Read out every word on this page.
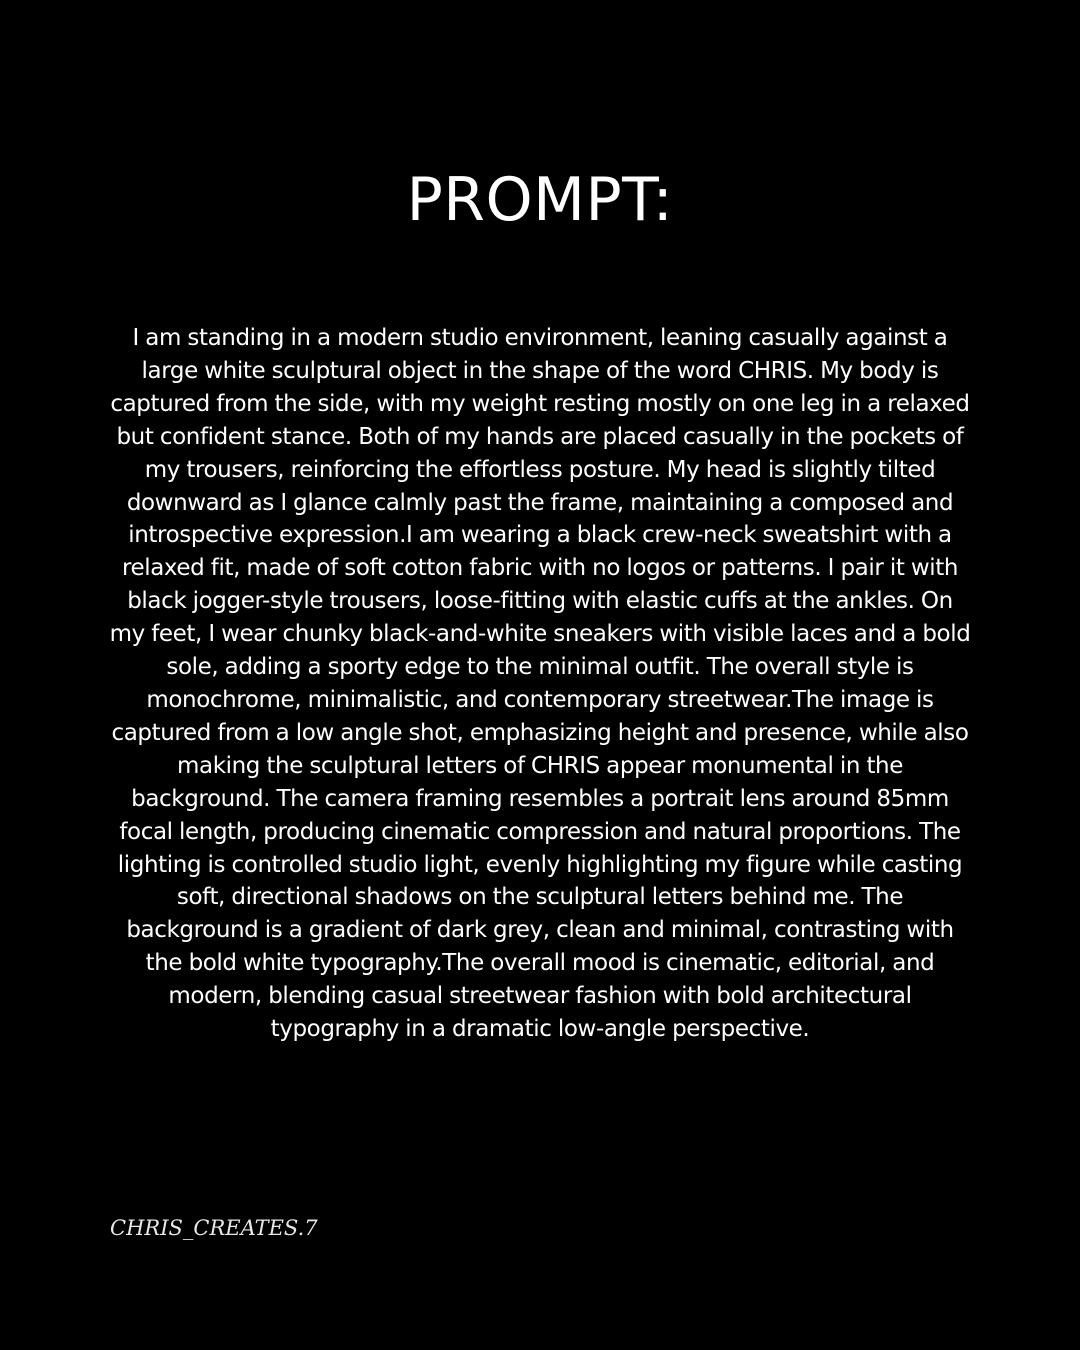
PROMPT:

I am standing in a modern studio environment, leaning casually against a large white sculptural object in the shape of the word CHRIS. My body is captured from the side, with my weight resting mostly on one leg in a relaxed but confident stance. Both of my hands are placed casually in the pockets of my trousers, reinforcing the effortless posture. My head is slightly tilted downward as I glance calmly past the frame, maintaining a composed and introspective expression.I am wearing a black crew-neck sweatshirt with a relaxed fit, made of soft cotton fabric with no logos or patterns. I pair it with black jogger-style trousers, loose-fitting with elastic cuffs at the ankles. On my feet, I wear chunky black-and-white sneakers with visible laces and a bold sole, adding a sporty edge to the minimal outfit. The overall style is monochrome, minimalistic, and contemporary streetwear.The image is captured from a low angle shot, emphasizing height and presence, while also making the sculptural letters of CHRIS appear monumental in the background. The camera framing resembles a portrait lens around 85mm focal length, producing cinematic compression and natural proportions. The lighting is controlled studio light, evenly highlighting my figure while casting soft, directional shadows on the sculptural letters behind me. The background is a gradient of dark grey, clean and minimal, contrasting with the bold white typography.The overall mood is cinematic, editorial, and modern, blending casual streetwear fashion with bold architectural typography in a dramatic low-angle perspective.

CHRIS_CREATES.7
